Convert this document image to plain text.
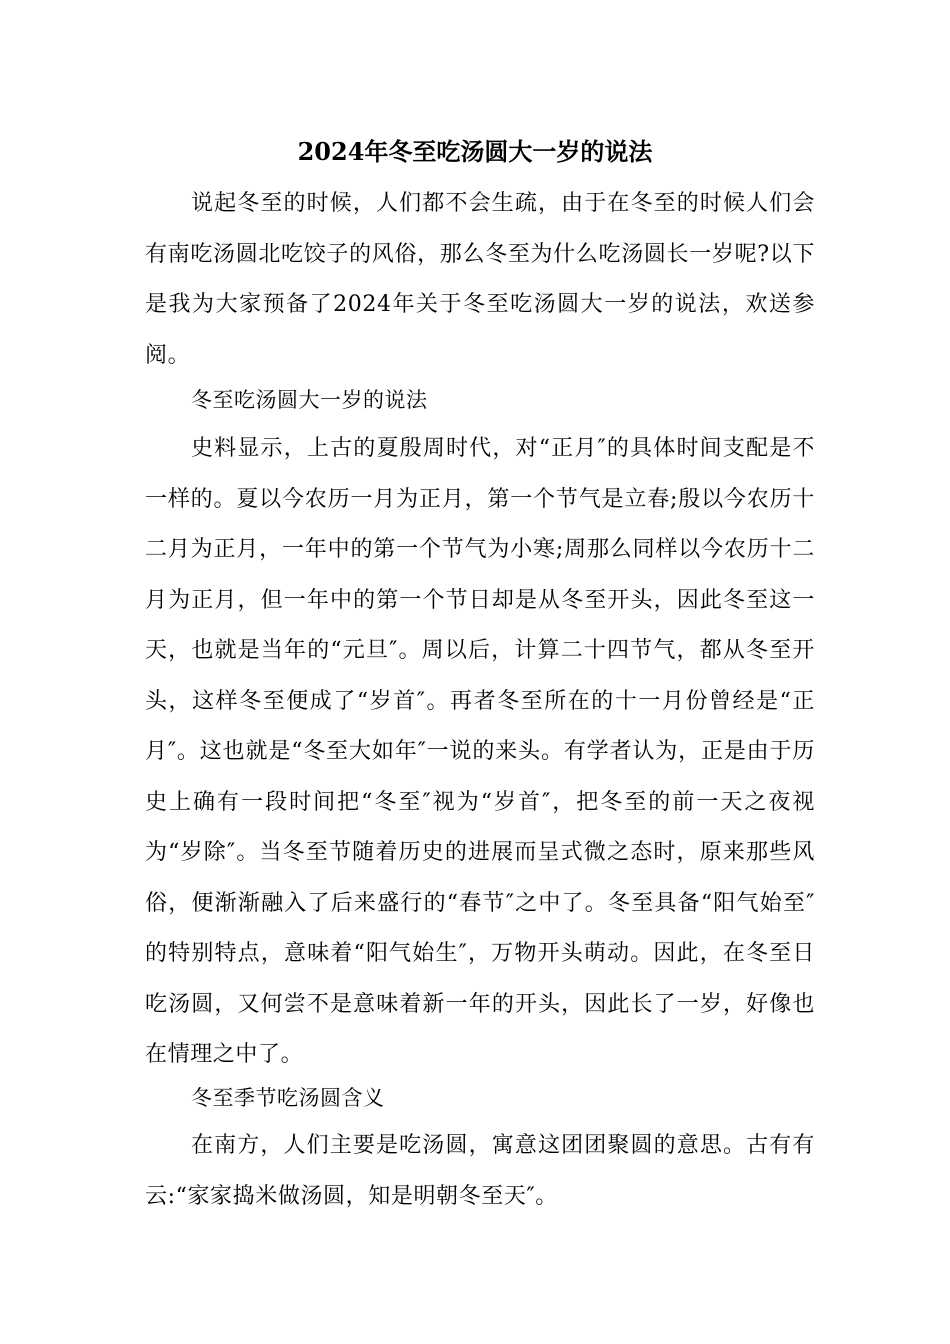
2024年冬至吃汤圆大一岁的说法
说起冬至的时候，人们都不会生疏，由于在冬至的时候人们会有南吃汤圆北吃饺子的风俗，那么冬至为什么吃汤圆长一岁呢?以下是我为大家预备了2024年关于冬至吃汤圆大一岁的说法，欢送参阅。
冬至吃汤圆大一岁的说法
史料显示，上古的夏殷周时代，对“正月″的具体时间支配是不一样的。夏以今农历一月为正月，第一个节气是立春;殷以今农历十二月为正月，一年中的第一个节气为小寒;周那么同样以今农历十二月为正月，但一年中的第一个节日却是从冬至开头，因此冬至这一天，也就是当年的“元旦″。周以后，计算二十四节气，都从冬至开头，这样冬至便成了“岁首″。再者冬至所在的十一月份曾经是“正月″。这也就是“冬至大如年″一说的来头。有学者认为，正是由于历史上确有一段时间把“冬至″视为“岁首″，把冬至的前一天之夜视为“岁除″。当冬至节随着历史的进展而呈式微之态时，原来那些风俗，便渐渐融入了后来盛行的“春节″之中了。冬至具备“阳气始至″的特别特点，意味着“阳气始生″，万物开头萌动。因此，在冬至日吃汤圆，又何尝不是意味着新一年的开头，因此长了一岁，好像也在情理之中了。
冬至季节吃汤圆含义
在南方，人们主要是吃汤圆，寓意这团团聚圆的意思。古有有云:“家家捣米做汤圆，知是明朝冬至天″。
